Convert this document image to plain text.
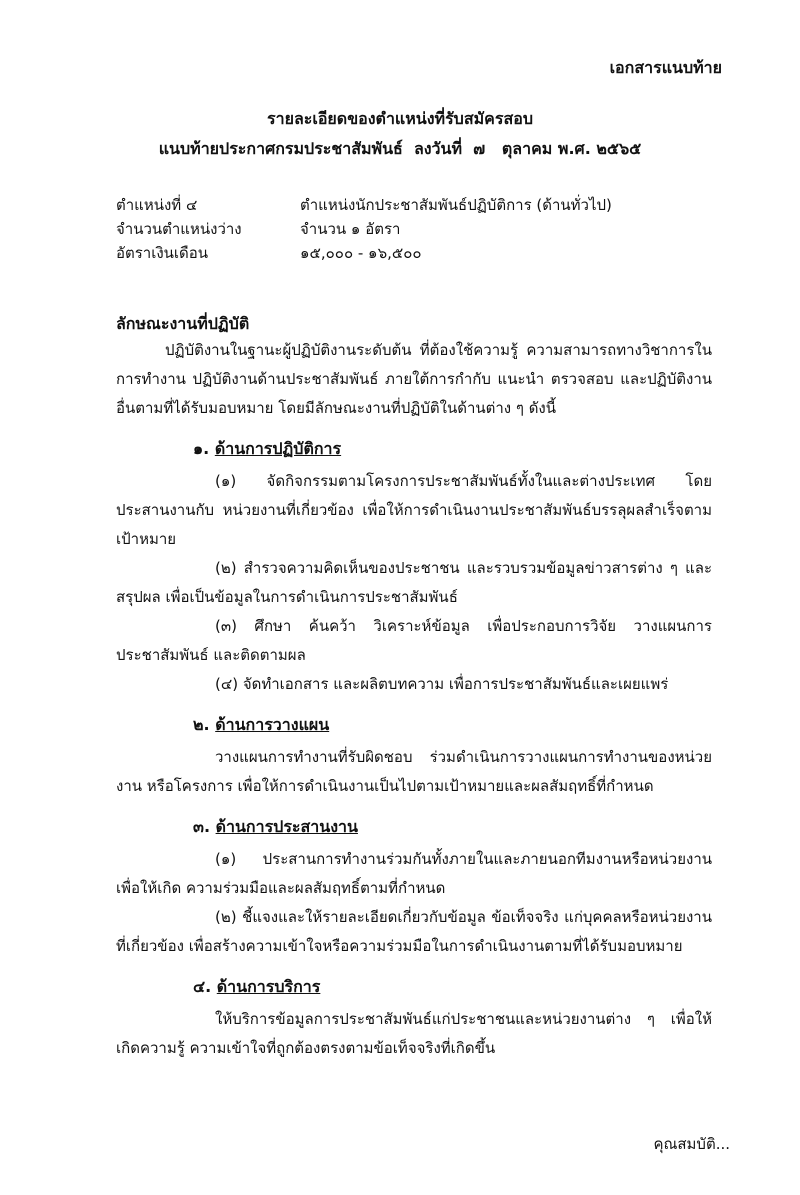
เอกสารแนบท้าย
รายละเอียดของตำแหน่งที่รับสมัครสอบ
แนบท้ายประกาศกรมประชาสัมพันธ์  ลงวันที่  ๗   ตุลาคม พ.ศ. ๒๕๖๕
ตำแหน่งที่ ๔	ตำแหน่งนักประชาสัมพันธ์ปฏิบัติการ (ด้านทั่วไป)
จำนวนตำแหน่งว่าง	จำนวน ๑ อัตรา
อัตราเงินเดือน	๑๕,๐๐๐ - ๑๖,๕๐๐
ลักษณะงานที่ปฏิบัติ

ปฏิบัติงานในฐานะผู้ปฏิบัติงานระดับต้น ที่ต้องใช้ความรู้ ความสามารถทางวิชาการในการทำงาน ปฏิบัติงานด้านประชาสัมพันธ์ ภายใต้การกำกับ แนะนำ ตรวจสอบ และปฏิบัติงานอื่นตามที่ได้รับมอบหมาย โดยมีลักษณะงานที่ปฏิบัติในด้านต่าง ๆ ดังนี้

๑. ด้านการปฏิบัติการ

(๑) จัดกิจกรรมตามโครงการประชาสัมพันธ์ทั้งในและต่างประเทศ โดยประสานงานกับ หน่วยงานที่เกี่ยวข้อง เพื่อให้การดำเนินงานประชาสัมพันธ์บรรลุผลสำเร็จตามเป้าหมาย

(๒) สำรวจความคิดเห็นของประชาชน และรวบรวมข้อมูลข่าวสารต่าง ๆ และสรุปผล เพื่อเป็นข้อมูลในการดำเนินการประชาสัมพันธ์

(๓) ศึกษา ค้นคว้า วิเคราะห์ข้อมูล เพื่อประกอบการวิจัย วางแผนการประชาสัมพันธ์ และติดตามผล

(๔) จัดทำเอกสาร และผลิตบทความ เพื่อการประชาสัมพันธ์และเผยแพร่

๒. ด้านการวางแผน

วางแผนการทำงานที่รับผิดชอบ ร่วมดำเนินการวางแผนการทำงานของหน่วยงาน หรือโครงการ เพื่อให้การดำเนินงานเป็นไปตามเป้าหมายและผลสัมฤทธิ์ที่กำหนด

๓. ด้านการประสานงาน

(๑) ประสานการทำงานร่วมกันทั้งภายในและภายนอกทีมงานหรือหน่วยงาน เพื่อให้เกิด ความร่วมมือและผลสัมฤทธิ์ตามที่กำหนด

(๒) ชี้แจงและให้รายละเอียดเกี่ยวกับข้อมูล ข้อเท็จจริง แก่บุคคลหรือหน่วยงานที่เกี่ยวข้อง เพื่อสร้างความเข้าใจหรือความร่วมมือในการดำเนินงานตามที่ได้รับมอบหมาย

๔. ด้านการบริการ

ให้บริการข้อมูลการประชาสัมพันธ์แก่ประชาชนและหน่วยงานต่าง ๆ เพื่อให้เกิดความรู้ ความเข้าใจที่ถูกต้องตรงตามข้อเท็จจริงที่เกิดขึ้น

คุณสมบัติ...
